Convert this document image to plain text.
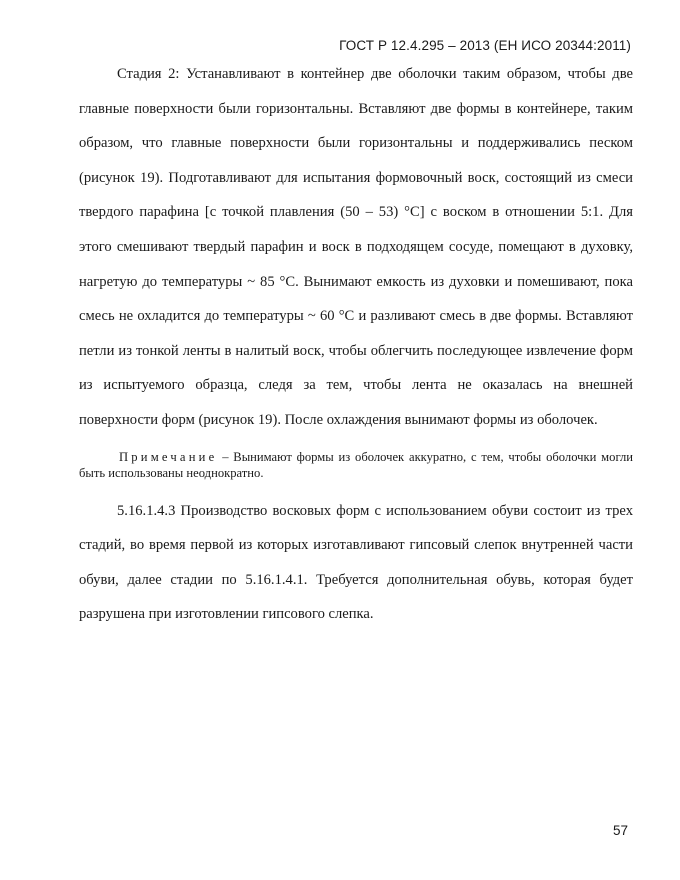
ГОСТ Р 12.4.295 – 2013 (ЕН ИСО 20344:2011)

Стадия 2: Устанавливают в контейнер две оболочки таким образом, чтобы две главные поверхности были горизонтальны. Вставляют две формы в контейнере, таким образом, что главные поверхности были горизонтальны и поддерживались песком (рисунок 19). Подготавливают для испытания формовочный воск, состоящий из смеси твердого парафина [с точкой плавления (50 – 53) °С] с воском в отношении 5:1. Для этого смешивают твердый парафин и воск в подходящем сосуде, помещают в духовку, нагретую до температуры ~ 85 °С. Вынимают емкость из духовки и помешивают, пока смесь не охладится до температуры ~ 60 °С и разливают смесь в две формы. Вставляют петли из тонкой ленты в налитый воск, чтобы облегчить последующее извлечение форм из испытуемого образца, следя за тем, чтобы лента не оказалась на внешней поверхности форм (рисунок 19). После охлаждения вынимают формы из оболочек.

Примечание – Вынимают формы из оболочек аккуратно, с тем, чтобы оболочки могли быть использованы неоднократно.

5.16.1.4.3 Производство восковых форм с использованием обуви состоит из трех стадий, во время первой из которых изготавливают гипсовый слепок внутренней части обуви, далее стадии по 5.16.1.4.1. Требуется дополнительная обувь, которая будет разрушена при изготовлении гипсового слепка.

57
